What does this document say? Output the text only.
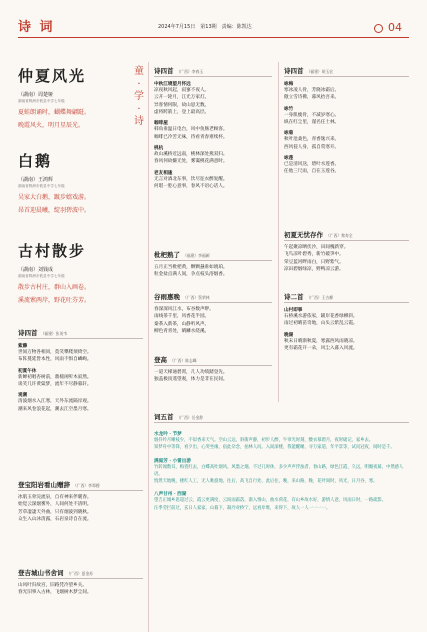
诗 词	2024年7月15日　第13期　责编：陈凯达	04
仲夏风光
（湖南）周楚娅
湖南省株洲市攸县中学七年级
夏蛙朗诵时，蝴蝶舞翩跹。
晚霞风火，明月星辰光。
白鹅
（湖南）王鸿辉
湖南省株洲市攸县中学七年级
吴家大白鹅，踱步嬉戏游。
昂首迎晨曦，绽羽碧波中。
古村散步
（湖南）刘钱成
湖南省株洲市攸县中学七年级
散步古村庄，群山入画卷。
溪流萦两岸，野花吐芬芳。
童 · 学 · 诗
诗四首 （福建）张英韦
紫藤
世间万物各相同，莫笑攀爬须倚空。
布阵蔓延皆本性，风雨不惧自嶙峋。
初夏午休
新蝉初唱杏树前，鼎槌闲听木寂然。
谈笑几许黄粱梦，流年不尽静暮轩。
观潮
清波烟水入江寒，天外东流隔岸观。
潮来风卷浪花起，潮去江空墨月寒。
登宝阳岩看山赠辞 （广西）李郑穆
冰肌玉骨浣流泉，自有神来伴暖春。
始觉云深烟雾外，人间何处不清明。
芳草凄凄天外曲，只有烟波到晓秋。
众生入山沐清露，石岩泉诗自在流。
登吉城山书舍词 （广西）夏金苏
山风叶归故宫，旧路凭冷望乡关。
春光旧事入古林，飞烟树木梦尘间。
诗四首 （广西）李春玉
中秋江境望月怀远
凉夜秋风起，寂寥不夜人。
云开一轮月，江光万家灯。
异客情何限，故山思无数。
虚将跨箭上，登上最高层。
咖啡屋
韩角垂温日电台，风中鱼肠老顾客。
咖啡已冷苦无味，待看青春难续杯。
桃杭
故山溪桥近远南，桃林深处燕双归。
春风何故嫌无处，雾霭桃花满意时。
老友相逢
无言对酒北东事，饮尽征衣醉复醒。
何堪一腔心意事，春风不语心话人。
枇杷熟了 （福建）李福颜
五月正当枇杷黄，颗颗悬垂如琥珀。
粒金盐点满人间，争点枝头浴烟香。
谷雨惠晚 （广西）蔡荣林
春深深风江水，布谷数声咿。
雨线茶千里，风香花半园。
秦茶入新茶，山静听风声。
柳色青青处，晴鳞水绕溪。
登高 （广西）陈志峰
一道天梯通碧霄，几人功绩踏登先。
独盖极顶遥望观，体力是非在民间。
诗四首 （福建）胡玉宏
咏梅
寒冰凌人骨，芳晓冰霜后。
傲立雪诗佛，暮风抬吾来。
咏竹
一身肌瘦骨，不减岁寒心。
纵在红尘里，谨名任土林。
咏菊
秋叶沧桑色，青香逸兴来。
西风侵人身，孤自赏寒开。
咏莲
已是清风送，碧叶水莲香。
任他三尺雨，自在玉莲谷。
初夏无忧存作 （广西）黎寿全
午起聚凉晒伏沙，田间槐新穿。
飞鸟凉叶碧秀，新竹破笋中。
荣豆蓝河畔雨白，日野紫气。
凉田碧烟绿凉，野鸭凉云游。
诗二首 （广西）王古柳
山村即事
石桥溪水游依家，辅岸花香绿柳斜。
雨过初晴苗奇地，山头云紫乱云霞。
晚湖
秋末日晴渐秋夏，寒露西风雨晓凉。
更有霜花开一朵，风尘入暮入风流。
词五首 （广西）岳金辞
水龙吟 · 节梦
烟抖吟月晰枝少，不似香来天气。空山云远，斜街声静，初步人醉，牛帘光时刻，酸衣慕碧月，夜时破记，家乡去。
知梦舟中等锋，看夕出，心哭坐缘，宿此杂念，拍林人问。入间深楼，我能醒睡，寻万家道，年平景等，试问冠夜，间时是千。
满庭芳 · 小雷出游
竹转闻数耳，梅瓷红去，白蝶高吐烟风。风墨之烟。不过几时休，多少声声浮浊者，春山路，绿色江霞，久远，明媚夜幕，中然感人语。
悄然天地晚，楼红人工，无人唯旋地。往后，高飞自行处，此后往，晚，来山路，晚，花叶间时，风光，日月谷，寒。
八声甘州 · 西湖
望吉正城乡思超过云，霞云更满度，云间雨霜落，渐入情山，曲水荷花，有山乡故水好，游情人意，风雨日时，一路疏影。
汪季劳拦前过，玄日人家家，山暮下，凝冷对桥宁，远看岸堆，来得下，故人一人一一一一。
